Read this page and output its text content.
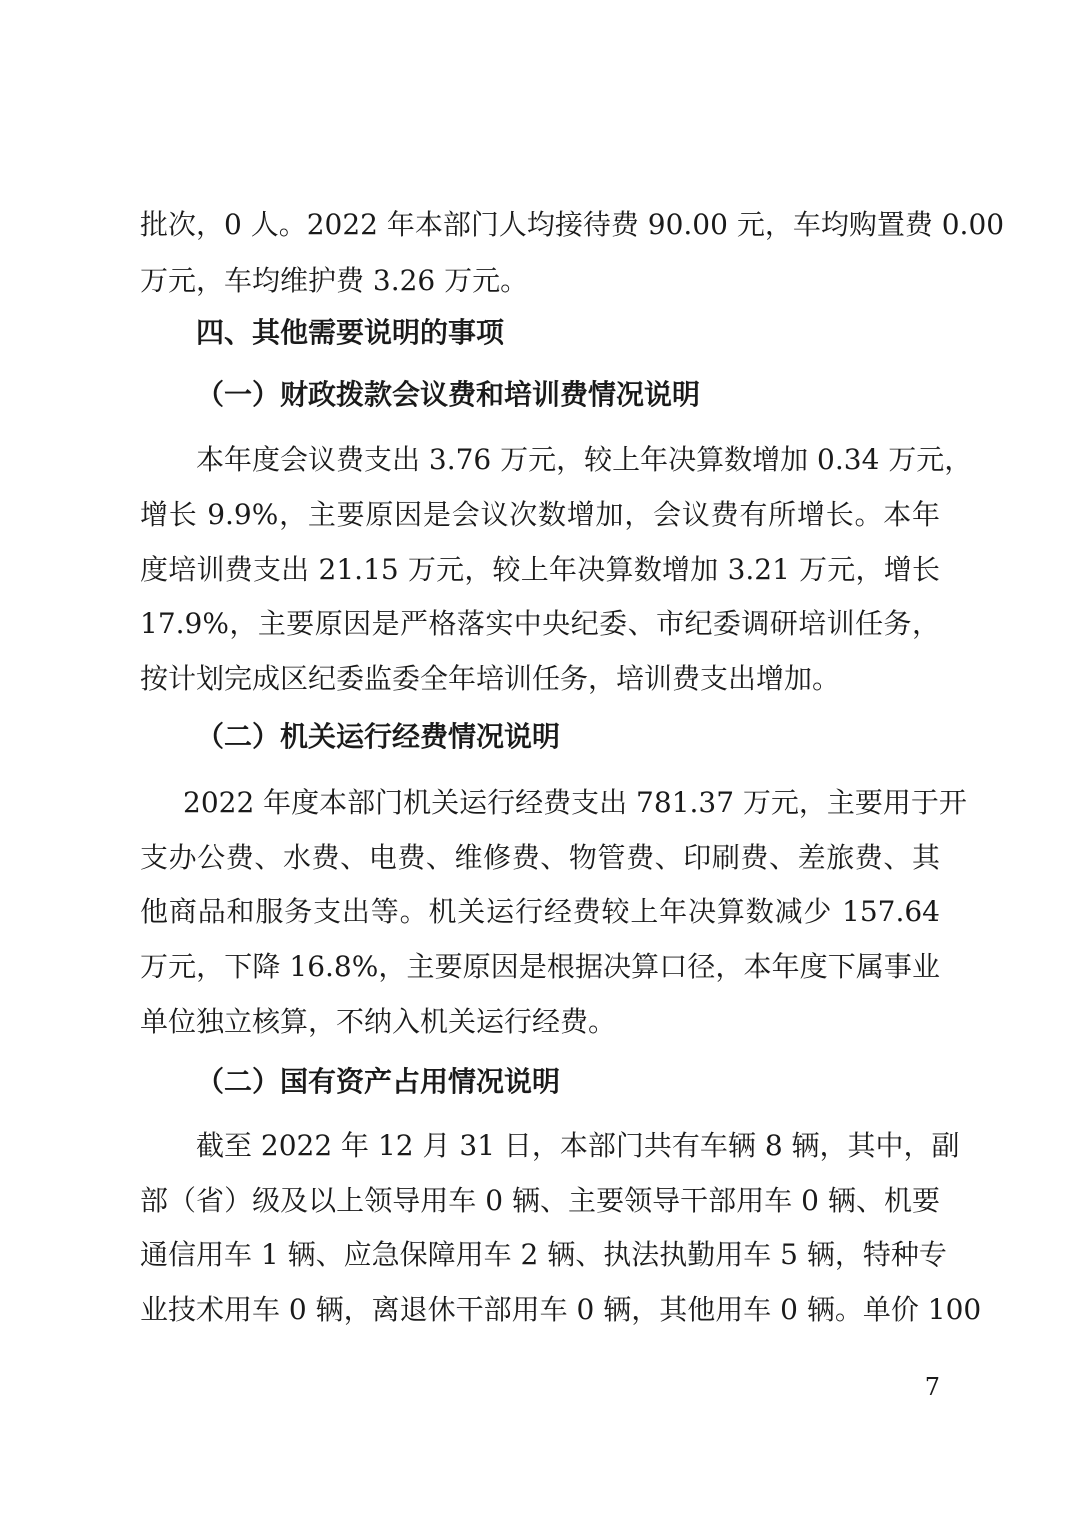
批次，0 人。2022 年本部门人均接待费 90.00 元，车均购置费 0.00
万元，车均维护费 3.26 万元。
四、其他需要说明的事项
（一）财政拨款会议费和培训费情况说明
本年度会议费支出 3.76 万元，较上年决算数增加 0.34 万元，
增长 9.9%，主要原因是会议次数增加，会议费有所增长。本年
度培训费支出 21.15 万元，较上年决算数增加 3.21 万元，增长
17.9%，主要原因是严格落实中央纪委、市纪委调研培训任务，
按计划完成区纪委监委全年培训任务，培训费支出增加。
（二）机关运行经费情况说明
2022 年度本部门机关运行经费支出 781.37 万元，主要用于开
支办公费、水费、电费、维修费、物管费、印刷费、差旅费、其
他商品和服务支出等。机关运行经费较上年决算数减少 157.64
万元，下降 16.8%，主要原因是根据决算口径，本年度下属事业
单位独立核算，不纳入机关运行经费。
（二）国有资产占用情况说明
截至 2022 年 12 月 31 日，本部门共有车辆 8 辆，其中，副
部（省）级及以上领导用车 0 辆、主要领导干部用车 0 辆、机要
通信用车 1 辆、应急保障用车 2 辆、执法执勤用车 5 辆，特种专
业技术用车 0 辆，离退休干部用车 0 辆，其他用车 0 辆。单价 100
7
